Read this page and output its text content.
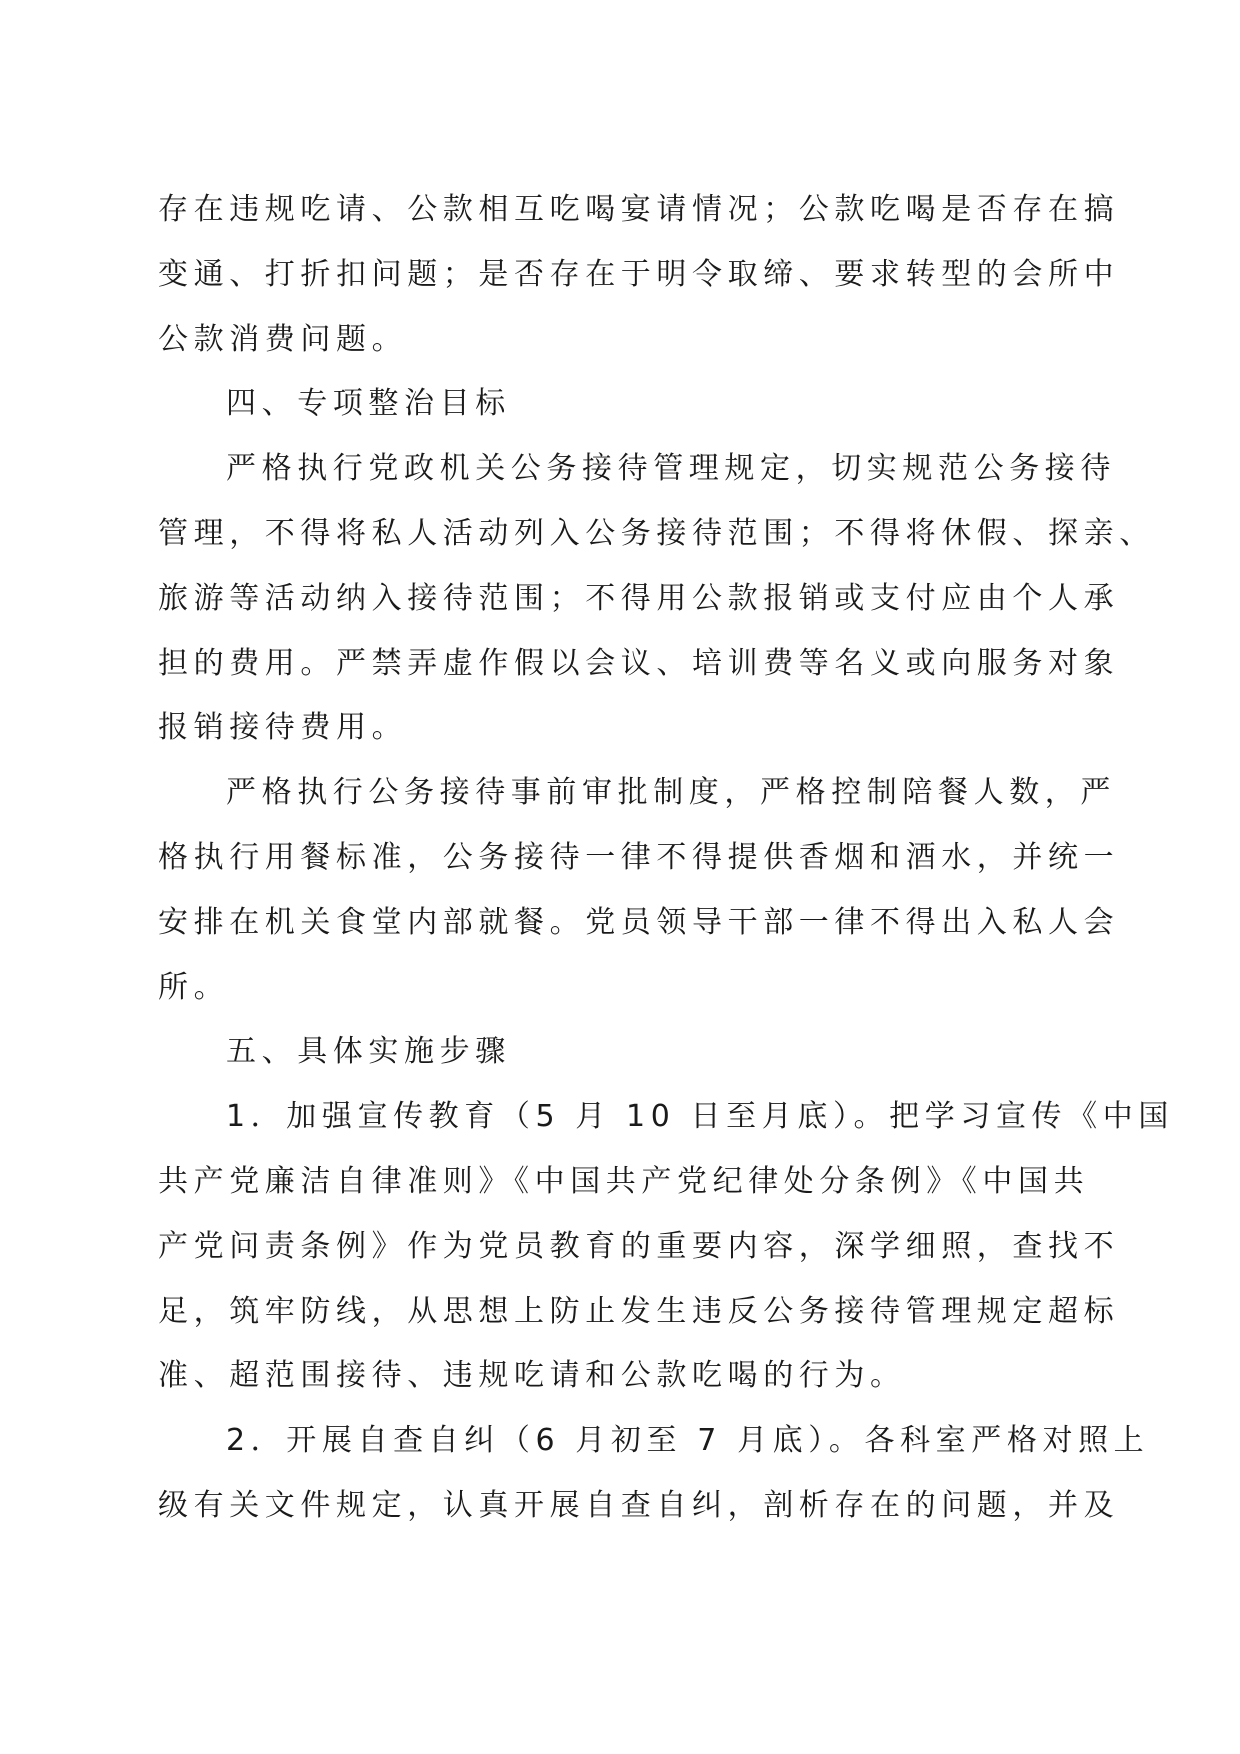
存在违规吃请、公款相互吃喝宴请情况；公款吃喝是否存在搞
变通、打折扣问题；是否存在于明令取缔、要求转型的会所中
公款消费问题。
四、专项整治目标
严格执行党政机关公务接待管理规定，切实规范公务接待
管理，不得将私人活动列入公务接待范围；不得将休假、探亲、
旅游等活动纳入接待范围；不得用公款报销或支付应由个人承
担的费用。严禁弄虚作假以会议、培训费等名义或向服务对象
报销接待费用。
严格执行公务接待事前审批制度，严格控制陪餐人数，严
格执行用餐标准，公务接待一律不得提供香烟和酒水，并统一
安排在机关食堂内部就餐。党员领导干部一律不得出入私人会
所。
五、具体实施步骤
1．加强宣传教育（5 月 10 日至月底）。把学习宣传《中国
共产党廉洁自律准则》《中国共产党纪律处分条例》《中国共
产党问责条例》作为党员教育的重要内容，深学细照，查找不
足，筑牢防线，从思想上防止发生违反公务接待管理规定超标
准、超范围接待、违规吃请和公款吃喝的行为。
2．开展自查自纠（6 月初至 7 月底）。各科室严格对照上
级有关文件规定，认真开展自查自纠，剖析存在的问题，并及
